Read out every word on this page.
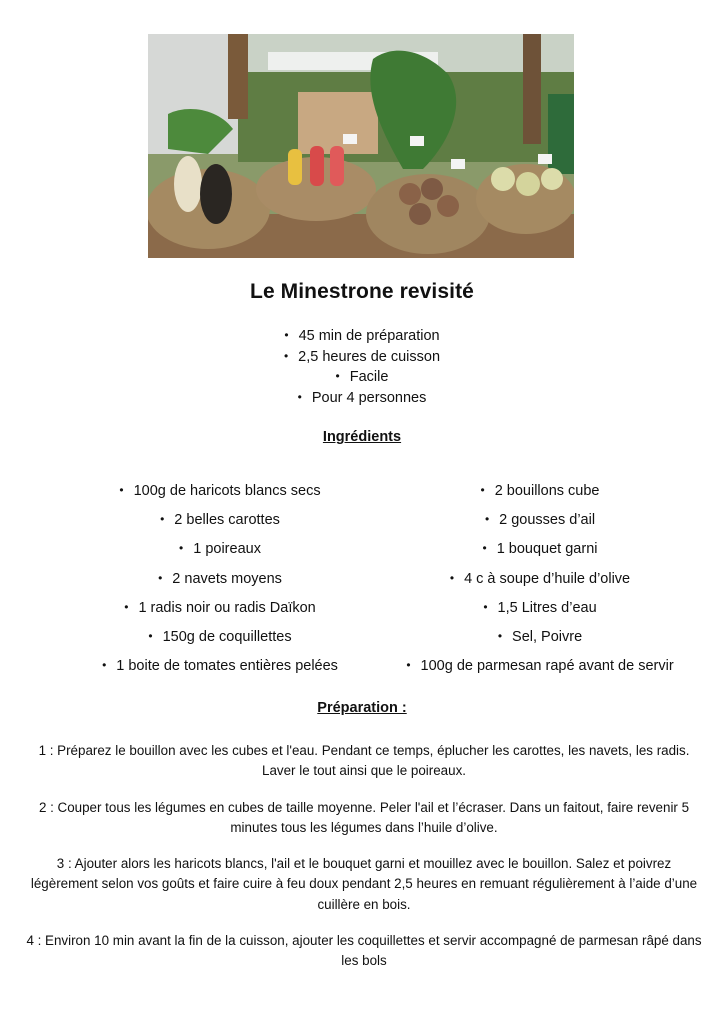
Le Minestrone revisité
• 45 min de préparation
• 2,5 heures de cuisson
• Facile
• Pour 4 personnes
Ingrédients
• 100g de haricots blancs secs
• 2 belles carottes
• 1 poireaux
• 2 navets moyens
• 1 radis noir ou radis Daïkon
• 150g de coquillettes
• 1 boite de tomates entières pelées
• 2 bouillons cube
• 2 gousses d’ail
• 1 bouquet garni
• 4 c à soupe d’huile d’olive
• 1,5 Litres d’eau
• Sel, Poivre
• 100g de parmesan rapé avant de servir
Préparation :

1 : Préparez le bouillon avec les cubes et l'eau. Pendant ce temps, éplucher les carottes, les navets, les radis. Laver le tout ainsi que le poireaux.

2 : Couper tous les légumes en cubes de taille moyenne. Peler l'ail et l’écraser. Dans un faitout, faire revenir 5 minutes tous les légumes dans l’huile d’olive.

3 : Ajouter alors les haricots blancs, l'ail et le bouquet garni et mouillez avec le bouillon. Salez et poivrez légèrement selon vos goûts et faire cuire à feu doux pendant 2,5 heures en remuant régulièrement à l’aide d’une cuillère en bois.

4 : Environ 10 min avant la fin de la cuisson, ajouter les coquillettes et servir accompagné de parmesan râpé dans les bols
